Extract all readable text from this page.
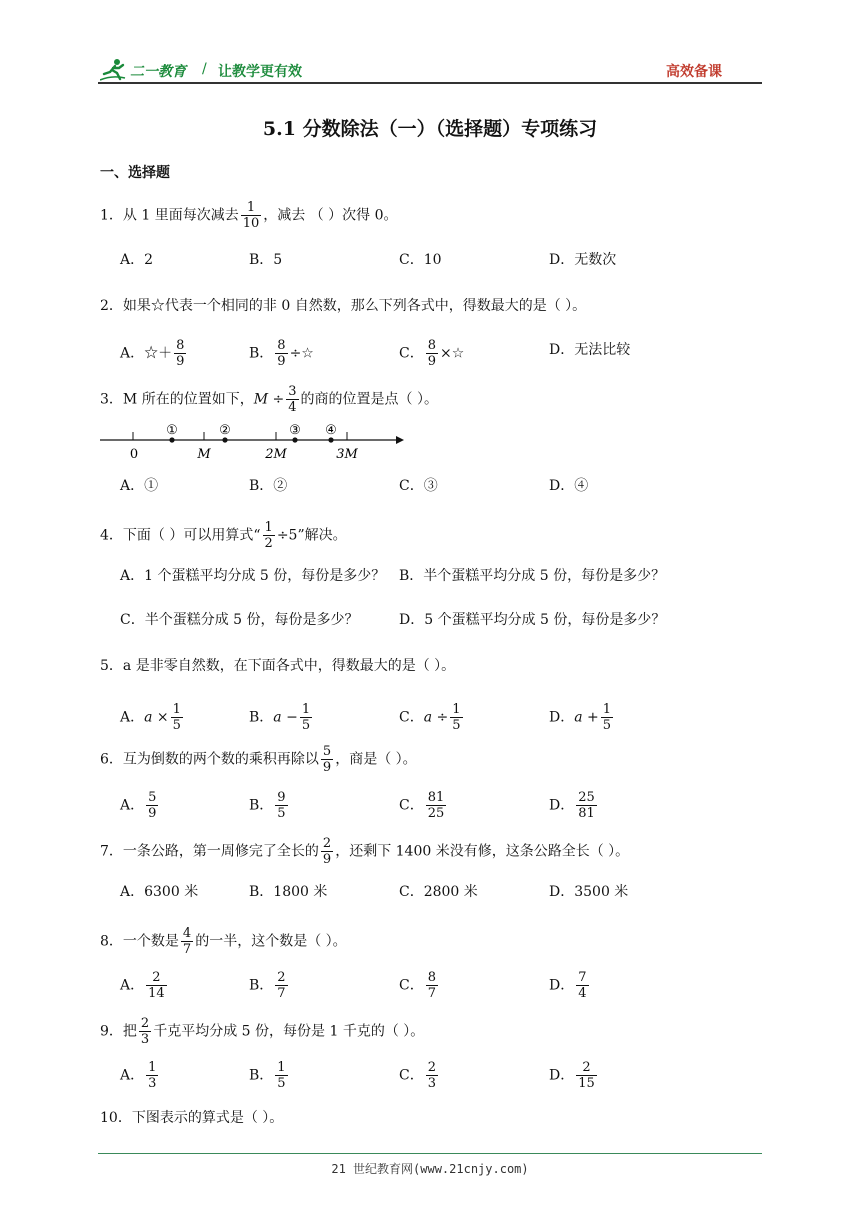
二一教育 / 让教学更有效	高效备课
5.1 分数除法（一）（选择题）专项练习
一、选择题
1．从 1 里面每次减去 $\frac{1}{10}$ ，减去 （ ）次得 0。
A．2	B．5	C．10	D．无数次
2．如果☆代表一个相同的非 0 自然数，那么下列各式中，得数最大的是（ ）。
A．☆＋ $\frac{8}{9}$	B． $\frac{8}{9}$ ÷☆	C． $\frac{8}{9}$ ×☆	D．无法比较
3．M 所在的位置如下，$M \div \frac{3}{4}$ 的商的位置是点（ ）。
①	②	③ ④
0	M	2M	3M
A．①	B．②	C．③	D．④
4．下面（ ）可以用算式“ $\frac{1}{2} \div 5$”解决。
A．1 个蛋糕平均分成 5 份，每份是多少？ B．半个蛋糕平均分成 5 份，每份是多少？
C．半个蛋糕分成 5 份，每份是多少？	D．5 个蛋糕平均分成 5 份，每份是多少？
5．a 是非零自然数，在下面各式中，得数最大的是（ ）。
A．$a \times \frac{1}{5}$	B．$a - \frac{1}{5}$	C．$a \div \frac{1}{5}$	D．$a + \frac{1}{5}$
6．互为倒数的两个数的乘积再除以 $\frac{5}{9}$ ，商是（ ）。
A． $\frac{5}{9}$	B． $\frac{9}{5}$	C． $\frac{81}{25}$	D． $\frac{25}{81}$
7．一条公路，第一周修完了全长的 $\frac{2}{9}$ ，还剩下 1400 米没有修，这条公路全长（ ）。
A．6300 米	B．1800 米	C．2800 米	D．3500 米
8．一个数是 $\frac{4}{7}$ 的一半，这个数是（ ）。
A． $\frac{2}{14}$	B． $\frac{2}{7}$	C． $\frac{8}{7}$	D． $\frac{7}{4}$
9．把 $\frac{2}{3}$ 千克平均分成 5 份，每份是 1 千克的（ ）。
A． $\frac{1}{3}$	B． $\frac{1}{5}$	C． $\frac{2}{3}$	D． $\frac{2}{15}$
10．下图表示的算式是（ ）。
21 世纪教育网(www.21cnjy.com)
